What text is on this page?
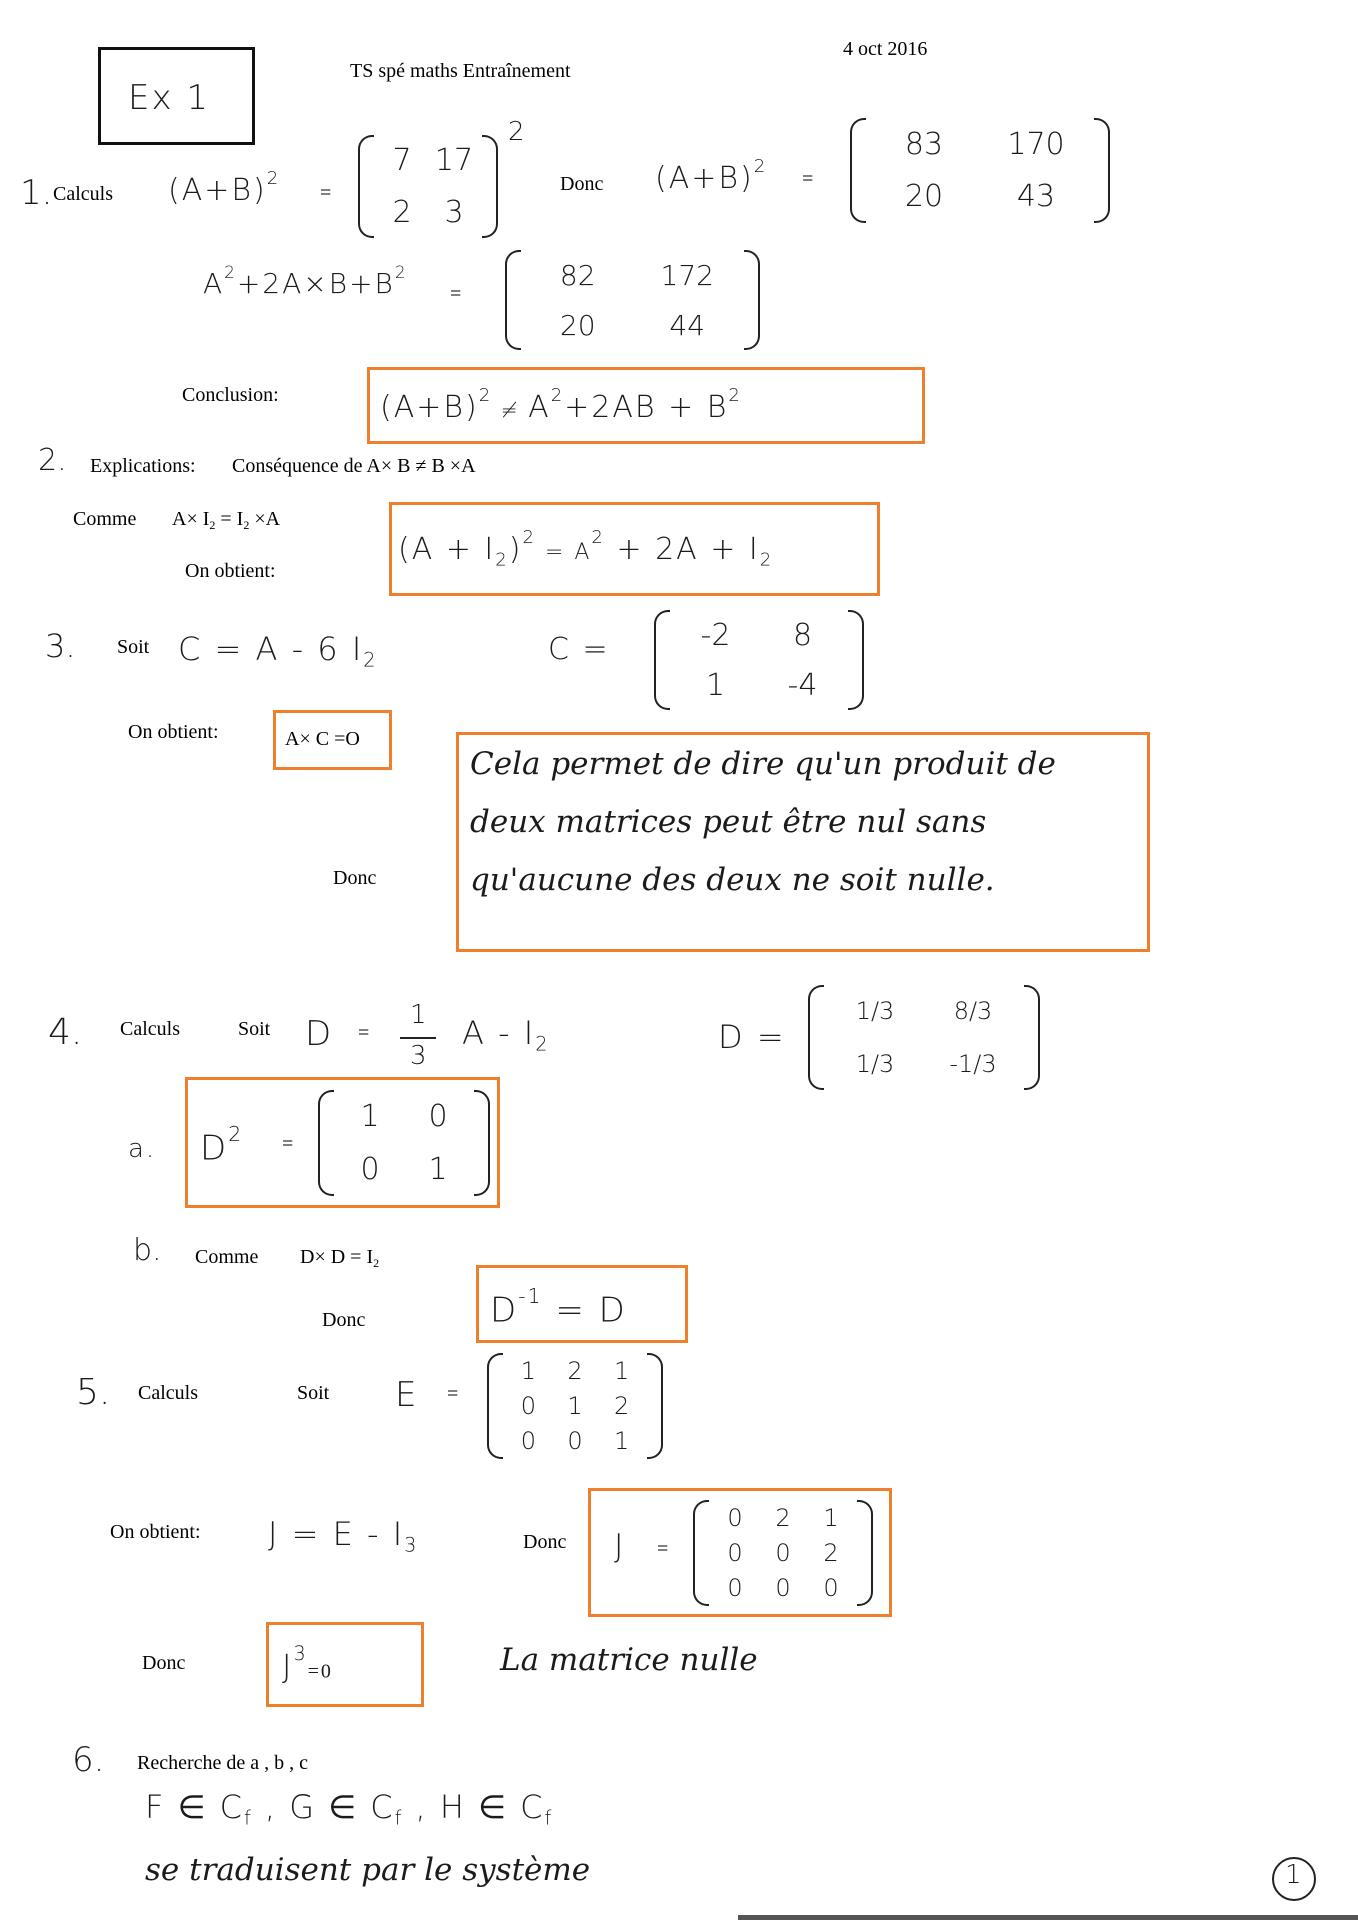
Ex 1
TS spé maths Entraînement
4 oct 2016
1. Calculs $(A+B)^2$
=
7 17
2 3
2
Donc $(A+B)^2$
=
83 170
20 43
$A^2+2A\times B+B^2$
=
82 172
20	44
Conclusion:	$(A+B)^2\ne A^2+2AB + B^2$
2. Explications: Conséquence de A× B ≠ B ×A
Comme $A\times I_2 = I_2 \times A$
On obtient:
$(A + I_2)^2 = A^2 + 2A + I_2$
3. Soit C = A - 6 $I_2$	C =	-2 8
1 -4
On obtient:	A× C =O
Donc
Cela permet de dire qu'un produit de deux matrices peut être nul sans qu'aucune des deux ne soit nulle.
4. Calculs	Soit D =
1
3
A - $I_2$	D =
1/3 8/3
1/3 -1/3
a. $D^2$ =
1 0
0 1
b. Comme $D\times D = I_2$
Donc	$D^{-1} = D$
5. Calculs	Soit E =
1 2 1
0 1 2
0 0 1
On obtient: $J = E - I_3$	Donc J =
0 2 1
0 0 2
0 0 0
Donc	$J^3=0$	La matrice nulle
6. Recherche de a , b , c
F ∈ $C_f$ , G ∈ $C_f$ , H ∈ $C_f$
se traduisent par le système	1
